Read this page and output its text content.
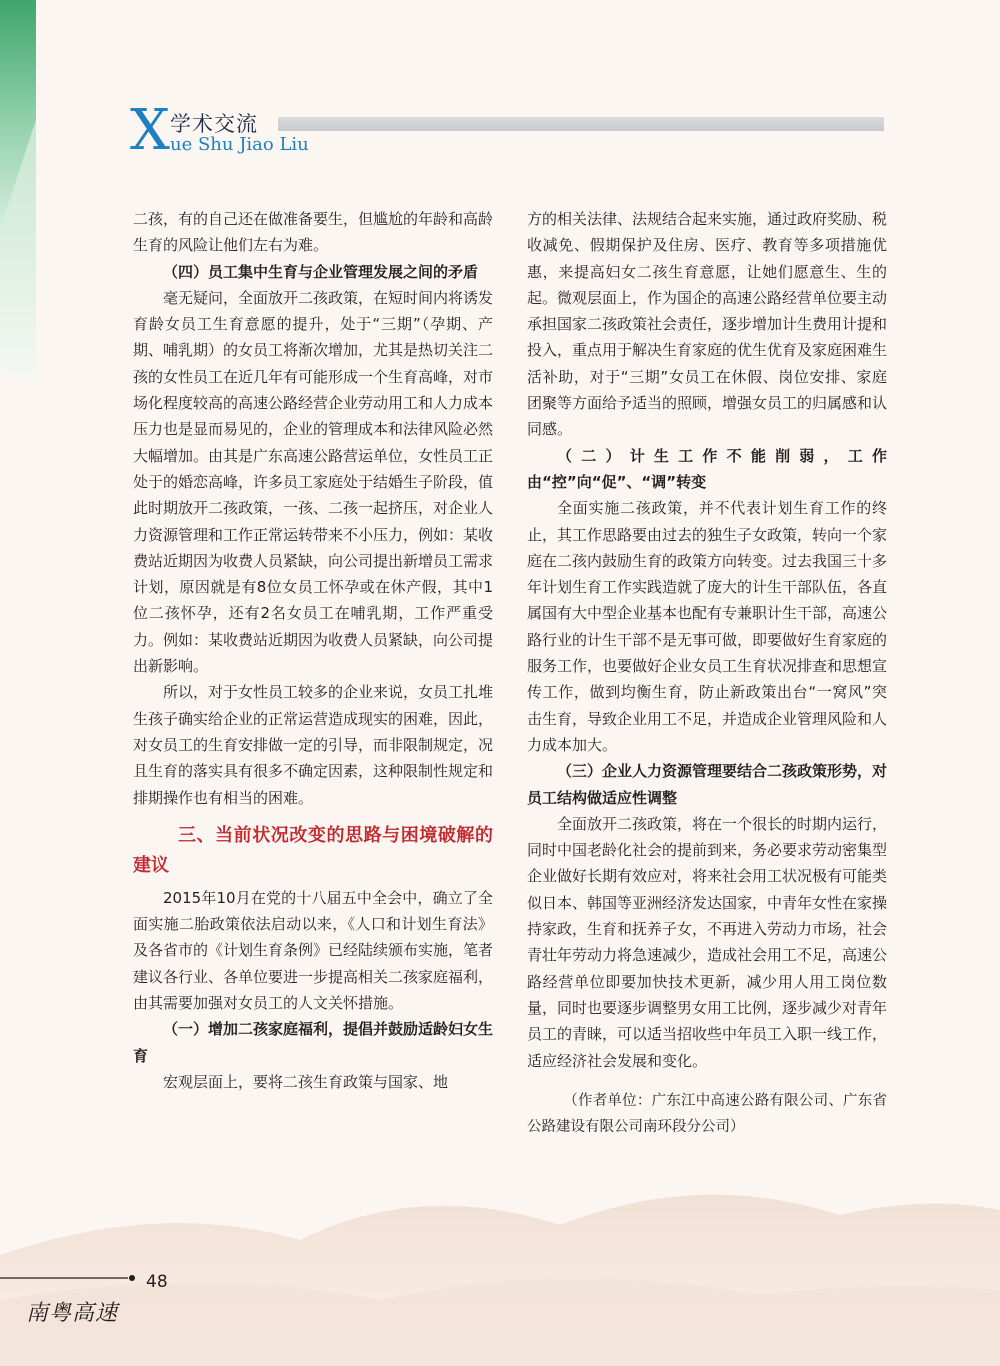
X 学术交流
ue Shu Jiao Liu

二孩，有的自己还在做准备要生，但尴尬的年龄和高龄生育的风险让他们左右为难。

（四）员工集中生育与企业管理发展之间的矛盾

毫无疑问，全面放开二孩政策，在短时间内将诱发育龄女员工生育意愿的提升，处于“三期”（孕期、产期、哺乳期）的女员工将渐次增加，尤其是热切关注二孩的女性员工在近几年有可能形成一个生育高峰，对市场化程度较高的高速公路经营企业劳动用工和人力成本压力也是显而易见的，企业的管理成本和法律风险必然大幅增加。由其是广东高速公路营运单位，女性员工正处于的婚恋高峰，许多员工家庭处于结婚生子阶段，值此时期放开二孩政策，一孩、二孩一起挤压，对企业人力资源管理和工作正常运转带来不小压力，例如：某收费站近期因为收费人员紧缺，向公司提出新增员工需求计划，原因就是有8位女员工怀孕或在休产假，其中1位二孩怀孕，还有2名女员工在哺乳期，工作严重受力。例如：某收费站近期因为收费人员紧缺，向公司提出新影响。

所以，对于女性员工较多的企业来说，女员工扎堆生孩子确实给企业的正常运营造成现实的困难，因此，对女员工的生育安排做一定的引导，而非限制规定，况且生育的落实具有很多不确定因素，这种限制性规定和排期操作也有相当的困难。

三、当前状况改变的思路与困境破解的建议

2015年10月在党的十八届五中全会中，确立了全面实施二胎政策依法启动以来，《人口和计划生育法》及各省市的《计划生育条例》已经陆续颁布实施，笔者建议各行业、各单位要进一步提高相关二孩家庭福利，由其需要加强对女员工的人文关怀措施。

（一）增加二孩家庭福利，提倡并鼓励适龄妇女生育

宏观层面上，要将二孩生育政策与国家、地

方的相关法律、法规结合起来实施，通过政府奖励、税收减免、假期保护及住房、医疗、教育等多项措施优惠，来提高妇女二孩生育意愿，让她们愿意生、生的起。微观层面上，作为国企的高速公路经营单位要主动承担国家二孩政策社会责任，逐步增加计生费用计提和投入，重点用于解决生育家庭的优生优育及家庭困难生活补助，对于“三期”女员工在休假、岗位安排、家庭团聚等方面给予适当的照顾，增强女员工的归属感和认同感。

（二）计生工作不能削弱，工作由“控”向“促”、“调”转变

全面实施二孩政策，并不代表计划生育工作的终止，其工作思路要由过去的独生子女政策，转向一个家庭在二孩内鼓励生育的政策方向转变。过去我国三十多年计划生育工作实践造就了庞大的计生干部队伍，各直属国有大中型企业基本也配有专兼职计生干部，高速公路行业的计生干部不是无事可做，即要做好生育家庭的服务工作，也要做好企业女员工生育状况排查和思想宣传工作，做到均衡生育，防止新政策出台“一窝风”突击生育，导致企业用工不足，并造成企业管理风险和人力成本加大。

（三）企业人力资源管理要结合二孩政策形势，对员工结构做适应性调整

全面放开二孩政策，将在一个很长的时期内运行，同时中国老龄化社会的提前到来，务必要求劳动密集型企业做好长期有效应对，将来社会用工状况极有可能类似日本、韩国等亚洲经济发达国家，中青年女性在家操持家政，生育和抚养子女，不再进入劳动力市场，社会青壮年劳动力将急速减少，造成社会用工不足，高速公路经营单位即要加快技术更新，减少用人用工岗位数量，同时也要逐步调整男女用工比例，逐步减少对青年员工的青睐，可以适当招收些中年员工入职一线工作，适应经济社会发展和变化。

（作者单位：广东江中高速公路有限公司、广东省公路建设有限公司南环段分公司）

48
南粤高速
